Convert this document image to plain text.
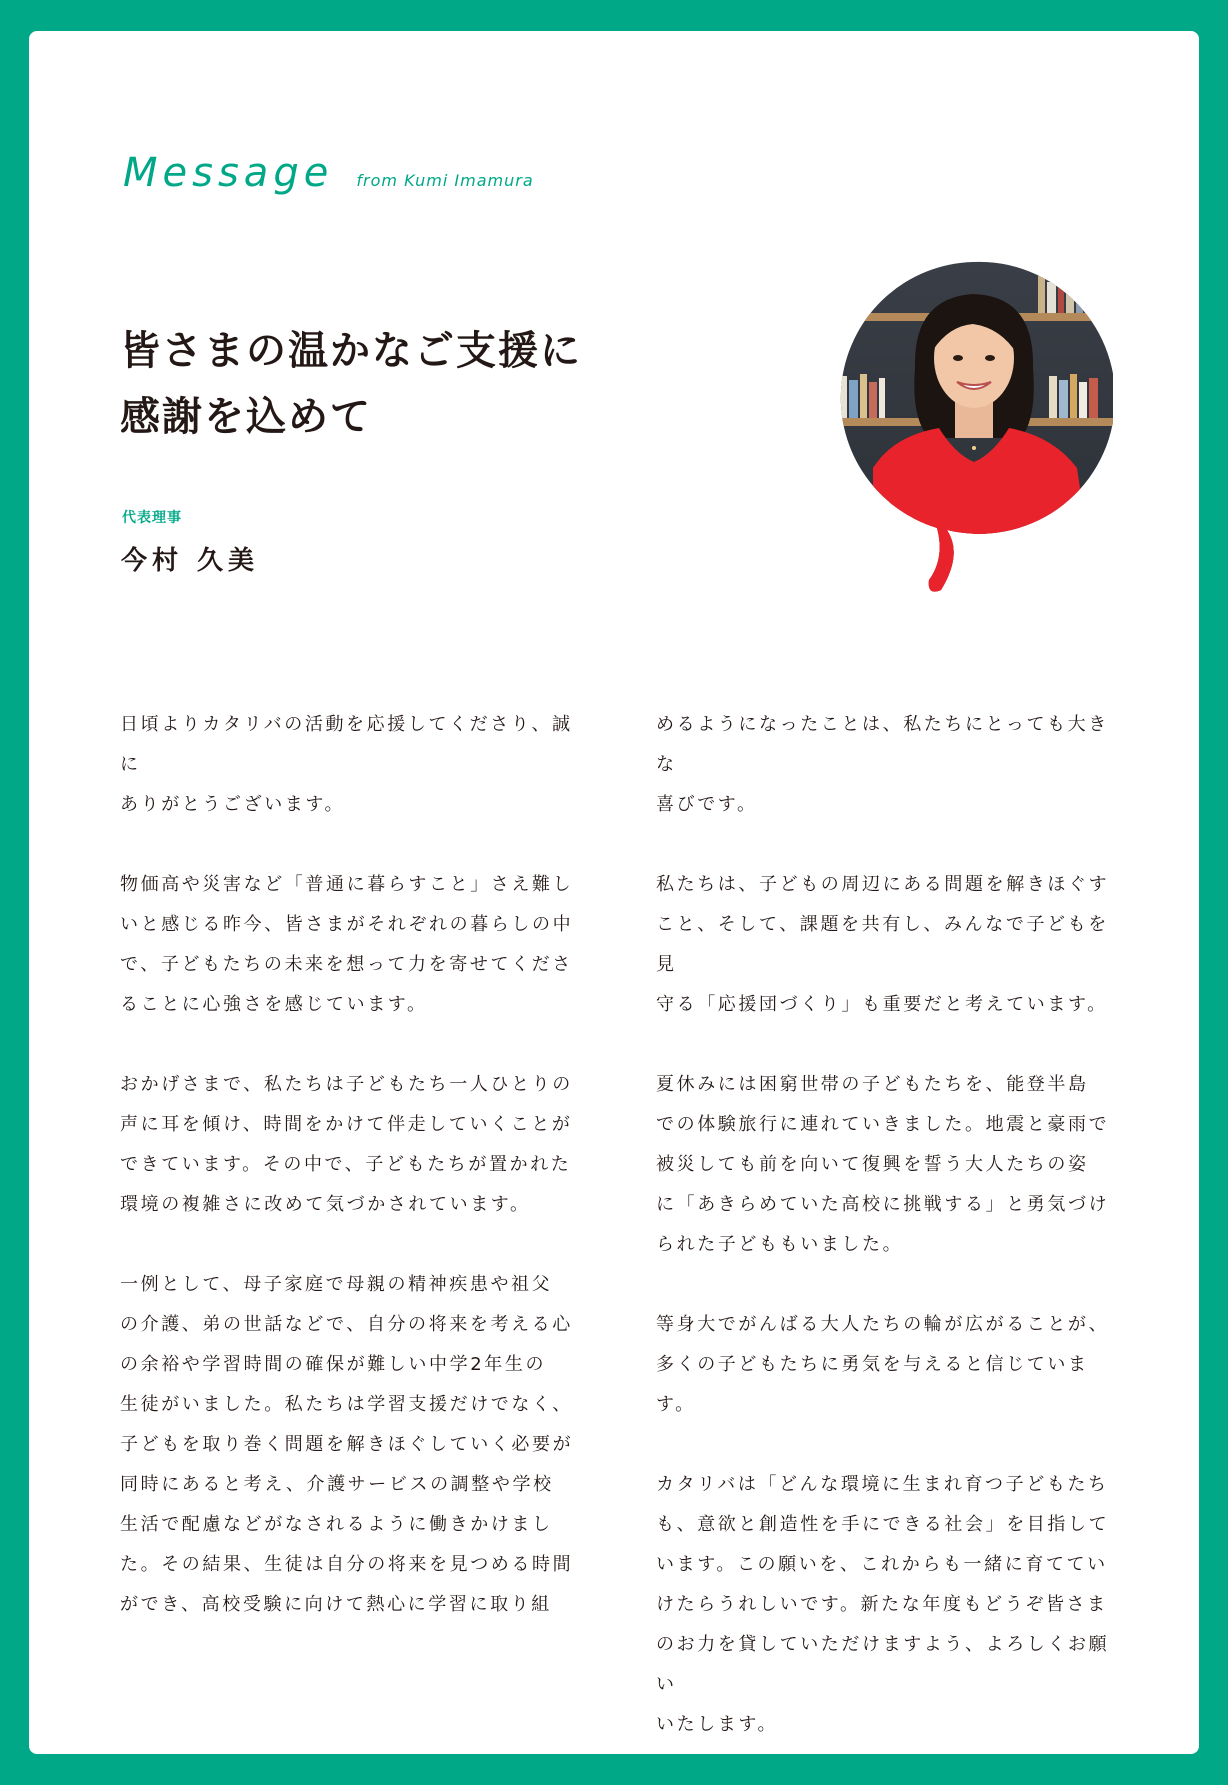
Message from Kumi Imamura
皆さまの温かなご支援に
感謝を込めて
代表理事
今村 久美

日頃よりカタリバの活動を応援してくださり、誠に
ありがとうございます。

物価高や災害など「普通に暮らすこと」さえ難し
いと感じる昨今、皆さまがそれぞれの暮らしの中
で、子どもたちの未来を想って力を寄せてくださ
ることに心強さを感じています。

おかげさまで、私たちは子どもたち一人ひとりの
声に耳を傾け、時間をかけて伴走していくことが
できています。その中で、子どもたちが置かれた
環境の複雑さに改めて気づかされています。

一例として、母子家庭で母親の精神疾患や祖父
の介護、弟の世話などで、自分の将来を考える心
の余裕や学習時間の確保が難しい中学2年生の
生徒がいました。私たちは学習支援だけでなく、
子どもを取り巻く問題を解きほぐしていく必要が
同時にあると考え、介護サービスの調整や学校
生活で配慮などがなされるように働きかけまし
た。その結果、生徒は自分の将来を見つめる時間
ができ、高校受験に向けて熱心に学習に取り組

めるようになったことは、私たちにとっても大きな
喜びです。

私たちは、子どもの周辺にある問題を解きほぐす
こと、そして、課題を共有し、みんなで子どもを見
守る「応援団づくり」も重要だと考えています。

夏休みには困窮世帯の子どもたちを、能登半島
での体験旅行に連れていきました。地震と豪雨で
被災しても前を向いて復興を誓う大人たちの姿
に「あきらめていた高校に挑戦する」と勇気づけ
られた子どももいました。

等身大でがんばる大人たちの輪が広がることが、
多くの子どもたちに勇気を与えると信じています。

カタリバは「どんな環境に生まれ育つ子どもたち
も、意欲と創造性を手にできる社会」を目指して
います。この願いを、これからも一緒に育ててい
けたらうれしいです。新たな年度もどうぞ皆さま
のお力を貸していただけますよう、よろしくお願い
いたします。
